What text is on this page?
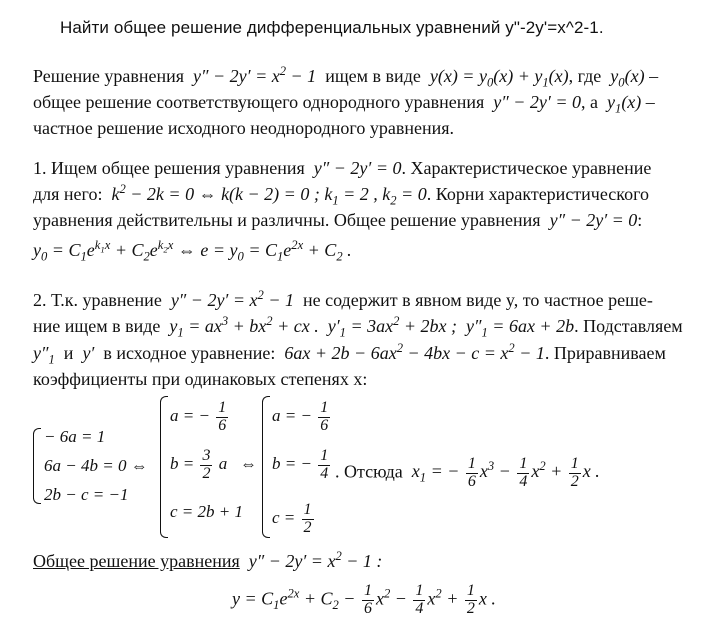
Найти общее решение дифференциальных уравнений y"-2y'=x^2-1.
Решение уравнения  $y'' - 2y' = x^2 - 1$  ищем в виде  $y(x) = y_0(x) + y_1(x)$, где  $y_0(x)$ –
общее решение соответствующего однородного уравнения  y″ − 2y′ = 0, а  $y_1(x)$ –
частное решение исходного неоднородного уравнения.
1. Ищем общее решения уравнения  y″ − 2y′ = 0. Характеристическое уравнение
для него:  $k^2 - 2k = 0$ ⇔ k(k − 2) = 0 ; $k_1 = 2$ , $k_2 = 0$. Корни характеристического
уравнения действительны и различны. Общее решение уравнения  y″ − 2y′ = 0:
$y_0 = C_1e^{k_1x} + C_2e^{k_2x}$ ⇔ $e = y_0 = C_1e^{2x} + C_2$ .
2. Т.к. уравнение  $y'' - 2y' = x^2 - 1$  не содержит в явном виде y, то частное реше-
ние ищем в виде  $y_1 = ax^3 + bx^2$ + cx .  $y'_1 = 3ax^2 + 2bx$ ;  $y''_1 = 6ax + 2b$. Подставляем
$y''_1$ и  y′  в исходное уравнение:  $6ax + 2b - 6ax^2 - 4bx - c = x^2 - 1$. Приравниваем
коэффициенты при одинаковых степенях x:
− 6a = 1
6a − 4b = 0 ⇔
2b − c = −1
a = − $\frac{1}{6}$
$b = \frac{3}{2}$ a   ⇔
c = 2b + 1
a = − $\frac{1}{6}$
b = − $\frac{1}{4}$
$c = \frac{1}{2}$
. Отсюда  $x_1$ = − $\frac{1}{6} x^3 - \frac{1}{4} x^2 + \frac{1}{2}$ x .
Общее решение уравнения  $y'' - 2y' = x^2 - 1$ :
$y = C_1e^{2x} + C_2 - \frac{1}{6} x^2 - \frac{1}{4} x^2 + \frac{1}{2}$ x .
